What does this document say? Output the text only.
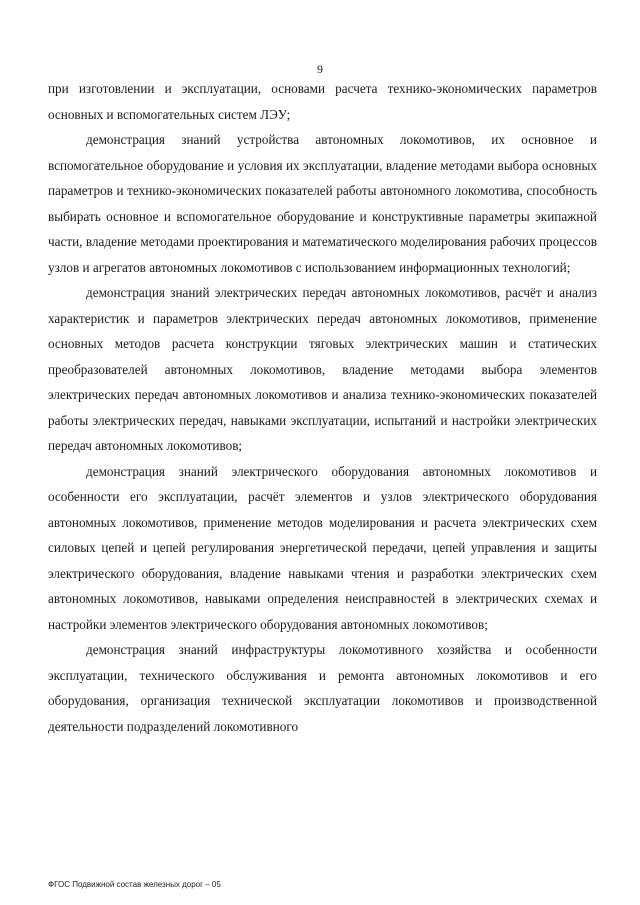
9

при изготовлении и эксплуатации, основами расчета технико-экономических параметров основных и вспомогательных систем ЛЭУ;

демонстрация знаний устройства автономных локомотивов, их основное и вспомогательное оборудование и условия их эксплуатации, владение методами выбора основных параметров и технико-экономических показателей работы автономного локомотива, способность выбирать основное и вспомогательное оборудование и конструктивные параметры экипажной части, владение методами проектирования и математического моделирования рабочих процессов узлов и агрегатов автономных локомотивов с использованием информационных технологий;

демонстрация знаний электрических передач автономных локомотивов, расчёт и анализ характеристик и параметров электрических передач автономных локомотивов, применение основных методов расчета конструкции тяговых электрических машин и статических преобразователей автономных локомотивов, владение методами выбора элементов электрических передач автономных локомотивов и анализа технико-экономических показателей работы электрических передач, навыками эксплуатации, испытаний и настройки электрических передач автономных локомотивов;

демонстрация знаний электрического оборудования автономных локомотивов и особенности его эксплуатации, расчёт элементов и узлов электрического оборудования автономных локомотивов, применение методов моделирования и расчета электрических схем силовых цепей и цепей регулирования энергетической передачи, цепей управления и защиты электрического оборудования, владение навыками чтения и разработки электрических схем автономных локомотивов, навыками определения неисправностей в электрических схемах и настройки элементов электрического оборудования автономных локомотивов;

демонстрация знаний инфраструктуры локомотивного хозяйства и особенности эксплуатации, технического обслуживания и ремонта автономных локомотивов и его оборудования, организация технической эксплуатации локомотивов и производственной деятельности подразделений локомотивного

ФГОС Подвижной состав железных дорог – 05
